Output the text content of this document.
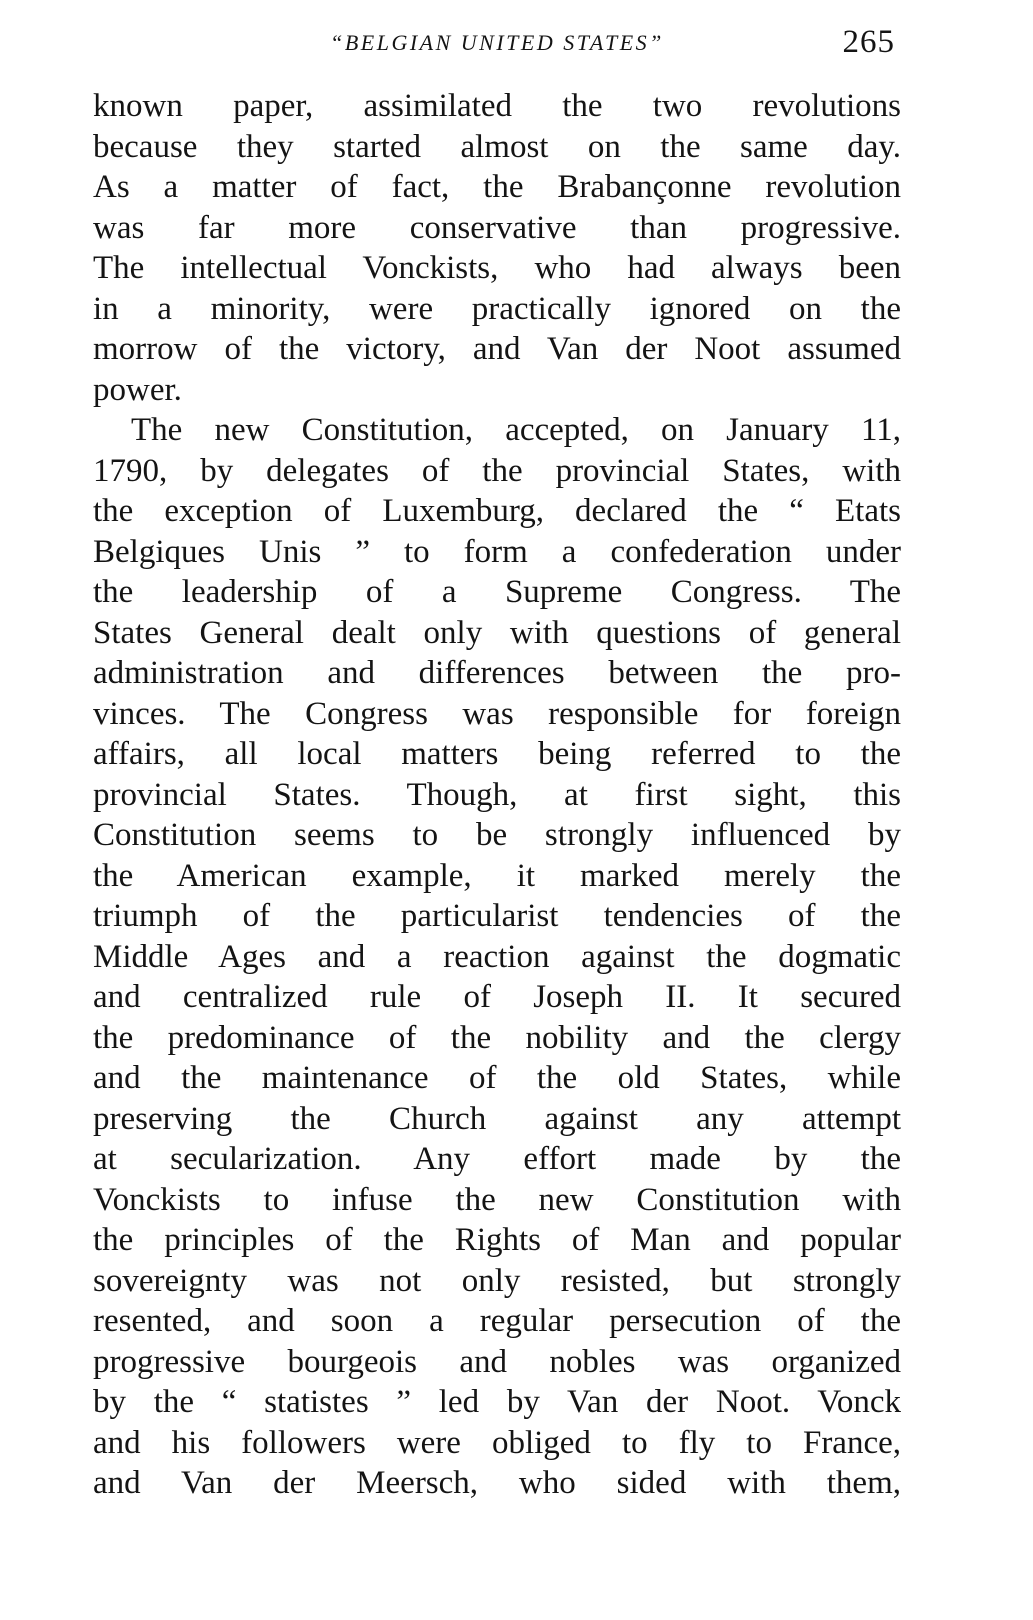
“BELGIAN UNITED STATES”	265
known paper, assimilated the two revolutions
because they started almost on the same day.
As a matter of fact, the Brabançonne revolution
was far more conservative than progressive.
The intellectual Vonckists, who had always been
in a minority, were practically ignored on the
morrow of the victory, and Van der Noot assumed
power.
The new Constitution, accepted, on January 11,
1790, by delegates of the provincial States, with
the exception of Luxemburg, declared the “ Etats
Belgiques Unis ” to form a confederation under
the leadership of a Supreme Congress. The
States General dealt only with questions of general
administration and differences between the pro-
vinces. The Congress was responsible for foreign
affairs, all local matters being referred to the
provincial States. Though, at first sight, this
Constitution seems to be strongly influenced by
the American example, it marked merely the
triumph of the particularist tendencies of the
Middle Ages and a reaction against the dogmatic
and centralized rule of Joseph II. It secured
the predominance of the nobility and the clergy
and the maintenance of the old States, while
preserving the Church against any attempt
at secularization. Any effort made by the
Vonckists to infuse the new Constitution with
the principles of the Rights of Man and popular
sovereignty was not only resisted, but strongly
resented, and soon a regular persecution of the
progressive bourgeois and nobles was organized
by the “ statistes ” led by Van der Noot. Vonck
and his followers were obliged to fly to France,
and Van der Meersch, who sided with them,
